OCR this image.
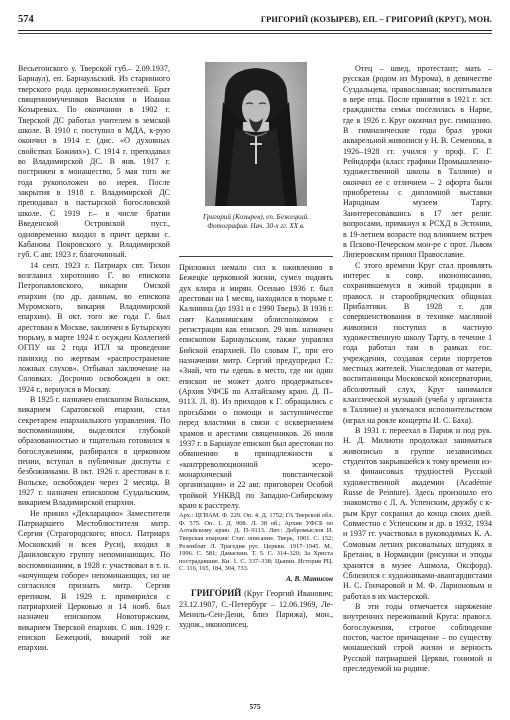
574	ГРИГОРИЙ (КОЗЫРЕВ), ЕП. – ГРИГОРИЙ (КРУГ), МОН.

Весьегонского у. Тверской губ.– 2.09.1937, Барнаул), еп. Барнаульский. Из старинного тверского рода церковнослужителей. Брат священномучеников Василия и Иоанна Козыревых. По окончании в 1902 г. Тверской ДС работал учителем в земской школе. В 1910 г. поступил в МДА, к-рую окончил в 1914 г. (дис. «О духовных свойствах Божиих»). С 1914 г. преподавал во Владимирской ДС. В янв. 1917 г. пострижен в монашество, 5 мая того же года рукоположен во иерея. После закрытия в 1918 г. Владимирской ДС преподавал в пастырской богословской школе. С 1919 г.– в числе братии Введенской Островской пуст., одновременно входил в причт церкви с. Кабанова Покровского у. Владимирской губ. С авг. 1923 г. благочинный.

14 сент. 1923 г. Патриарх свт. Тихон возглавил хиротонию Г. во епископа Петропавловского, викария Омской епархии (по др. данным, во епископа Муромского, викария Владимирской епархии). В окт. того же года Г. был арестован в Москве, заключен в Бутырскую тюрьму, в марте 1924 г. осужден Коллегией ОГПУ на 2 года ИТЛ за проведение панихид по жертвам «распространение ложных слухов». Отбывал заключение на Соловках. Досрочно освобожден в окт. 1924 г., вернулся в Москву.

В 1925 г. назначен епископом Вольским, викарием Саратовской епархии, стал секретарем епархиального управления. По воспоминаниям, выделялся глубокой образованностью и тщательно готовился к богослужениям, разбирался в церковном пении, вступал в публичные диспуты с безбожниками. В окт. 1926 г. арестован в г. Вольске, освобожден через 2 месяца. В 1927 г. назначен епископом Суздальским, викарием Владимирской епархии.

Не принял «Декларацию» Заместителя Патриаршего Местоблюстителя митр. Сергия (Страгородского; впосл. Патриарх Московский и всея Руси), входил в Даниловскую группу непоминающих. По воспоминаниям, в 1928 г. участвовал в т. н. «кочующем соборе» непоминающих, но не согласился признать митр. Сергия еретиком. В 1929 г. примирился с патриархией Церковью и 14 нояб. был назначен епископом Новоторжским, викарием Тверской епархии. С янв. 1929 г. епископ Бежецкий, викарий той же епархии.

Григорий (Козырев), еп. Бежецкий.
Фотография. Нач. 30-х гг. XX в.

Приложил немало сил к оживлению в Бежецке церковной жизни, сумел поднять дух клира и мирян. Осенью 1936 г. был арестован на 1 месяц, находился в тюрьме г. Калинина (до 1931 и с 1990 Тверь). В 1936 г. снят Калининским облисполкомом с регистрации как епископ. 29 янв. назначен епископом Барнаульским, также управлял Бийской епархией. По словам Г., при его назначении митр. Сергий предупредил Г.: «Знай, что ты едешь в место, где ни один епископ не может долго продержаться» (Архив УФСБ по Алтайскому краю. Д. П–9113. Л. 8). Из приходов к Г. обращались с просьбами о помощи и заступничестве перед властями в связи с осквернением храмов и арестами священников. 26 июля 1937 г. в Барнауле епископ был арестован по обвинению в принадлежности к «контрреволюционной эсеро-монархической повстанческой организации» и 22 авг. приговорен Особой тройкой УНКВД по Западно-Сибирскому краю к расстрелу.

Арх.: ЦГИАМ. Ф. 229. Оп. 4. Д. 1752; ГА Тверской обл. Ф. 575. Оп. 1. Д. 908. Л. 38 об.; Архив УФСБ по Алтайскому краю. Д. П–9113. Лит.: Добромыслов И. Тверская епархия: Стат. описание. Тверь, 1901. С. 152; Розенблат Л. Трагедия рус. Церкви. 1917–1945. М., 1996. С. 581; Дамаскин. Т. 5. С. 314–320; За Христа пострадавшие. Кн. 1. С. 337–338; Цыпин. История РЦ. С. 116, 165, 184, 304, 733.

А. В. Матисон

ГРИГО́РИЙ (Круг Георгий Иванович; 23.12.1907, С.-Петербург – 12.06.1969, Ле-Мениль-Сен-Дени, близ Парижа), мон., худож., иконописец.

Отец – швед, протестант; мать – русская (родом из Мурома), в девичестве Суздальцева, православная; воспитывался в вере отца. После принятия в 1921 г. эст. гражданства семья поселилась в Нарве, где в 1926 г. Круг окончил рус. гимназию. В гимназические годы брал уроки акварельной живописи у Н. В. Семенова, в 1926–1928 гг. учился у проф. Г. Г. Рейндорфа (класс графики Промышленно-художественной школы в Таллине) и окончил ее с отличием – 2 офорта были приобретены с дипломной выставки Народным музеем Тарту. Заинтересовавшись в 17 лет религ. вопросами, примкнул к РСХД в Эстонии, в 19-летнем возрасте под влиянием встреч в Псково-Печерском мон-ре с прот. Львом Липеровским принял Православие.

С этого времени Круг стал проявлять интерес к совр. иконописанию, сохранявшемуся в живой традиции в правосл. и старообрядческих общинах Прибалтики. В 1928 г. для совершенствования в технике масляной живописи поступил в частную художественную школу Тарту, в течение 1 года работал там в рамках гос. учреждения, создавая серии портретов местных жителей. Унаследовав от матери, воспитанницы Московской консерватории, абсолютный слух, Круг занимался классической музыкой (учеба у органиста в Таллине) и увлекался исполнительством (играл на рояле концерты И. С. Баха).

В 1931 г. переехал в Париж и под рук. Н. Д. Милиоти продолжал заниматься живописью в группе независимых студентов закрывшейся к тому времени из-за финансовых трудностей Русской художественной академии (Académie Russe de Peinture). Здесь произошло его знакомство с Л. А. Успенским, дружбу с к-рым Круг сохранил до конца своих дней. Совместно с Успенским и др. в 1932, 1934 и 1937 гг. участвовал в руководимых К. А. Сомовым летних рисовальных штудиях в Бретани, в Нормандии (рисунки и этюды хранятся в музее Ашмола, Оксфорд). Сблизился с художниками-авангардистами Н. С. Гончаровой и М. Ф. Ларионовым и работал в их мастерской.

В эти годы отмечается наряжение внутренних переживаний Круга: правосл. богослужения, строгое соблюдение постов, частое причащение – по существу монашеский строй жизни и верность Русской патриаршей Церкви, гонимой и преследуемой на родине.

575
